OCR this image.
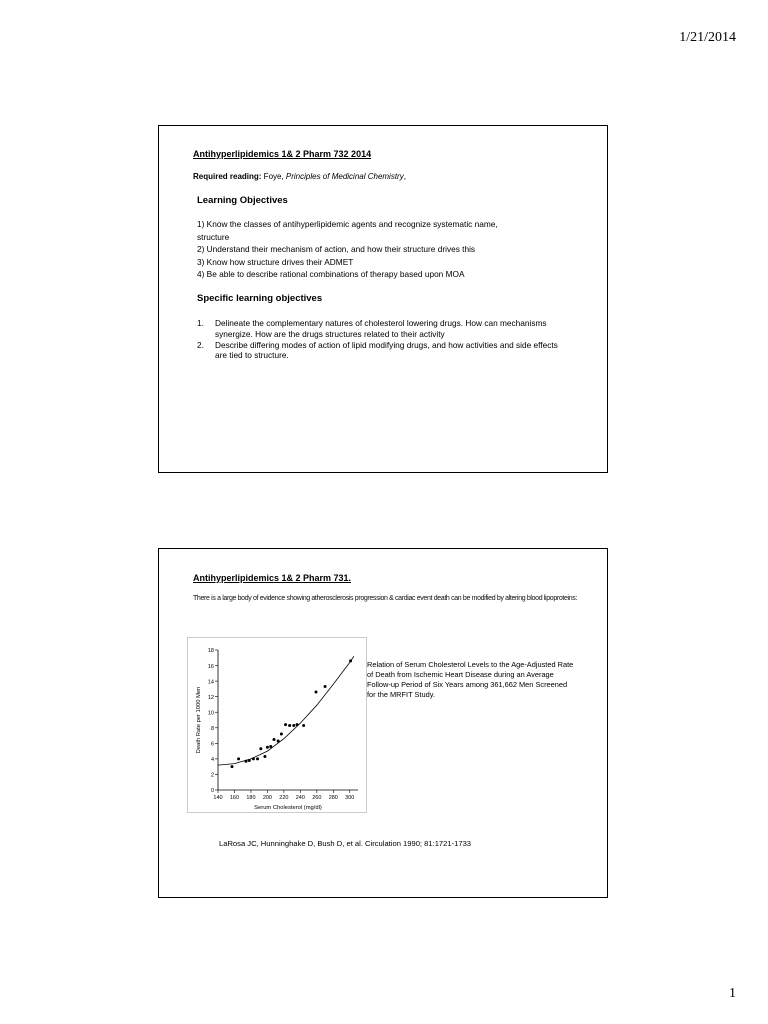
1/21/2014
Antihyperlipidemics 1& 2 Pharm 732 2014
Required reading: Foye, Principles of Medicinal Chemistry,
Learning Objectives
1) Know the classes of antihyperlipidemic agents and recognize systematic name,
structure
2) Understand their mechanism of action, and how their structure drives this
3) Know how structure drives their ADMET
4) Be able to describe rational combinations of therapy based upon MOA
Specific learning objectives
1.	Delineate the complementary natures of cholesterol lowering drugs. How can mechanisms synergize. How are the drugs structures related to their activity
2.	Describe differing modes of action of lipid modifying drugs, and how activities and side effects are tied to structure.
Antihyperlipidemics 1& 2 Pharm 731.
There is a large body of evidence showing atherosclerosis progression & cardiac event death can be modified by altering blood lipoproteins:
0
2
4
6
8
10
12
14
16
18
140 160 180 200 220 240 260 280 300
Serum Cholesterol (mg/dl)
Death Rate per 1000 Men
Relation of Serum Cholesterol Levels to the Age-Adjusted Rate of Death from Ischemic Heart Disease during an Average Follow-up Period of Six Years among 361,662 Men Screened for the MRFIT Study.
LaRosa JC, Hunninghake D, Bush D, et al. Circulation 1990; 81:1721-1733
1
